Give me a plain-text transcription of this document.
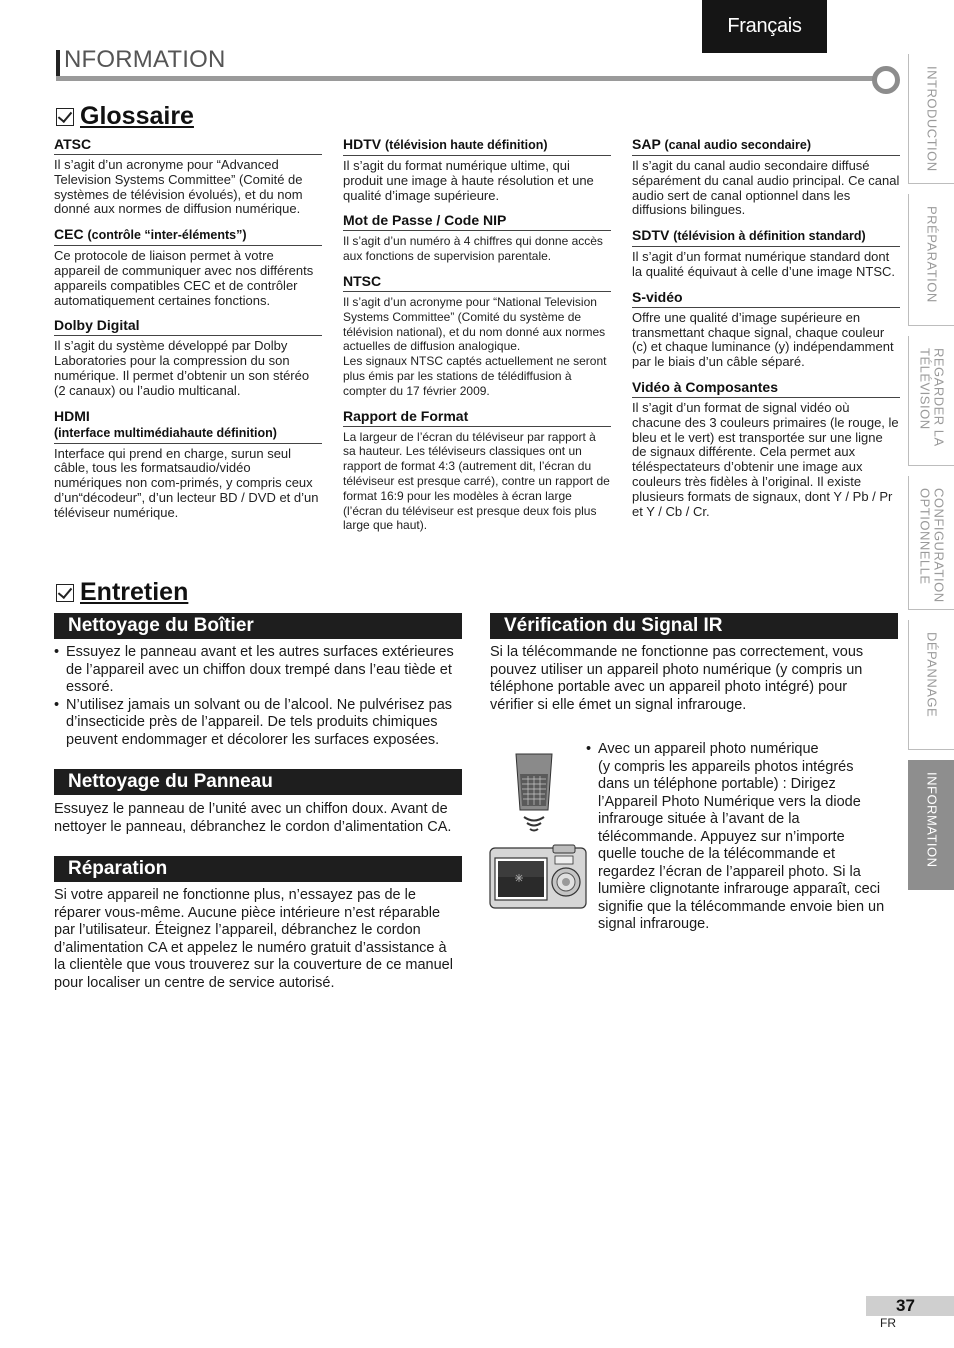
Français
NFORMATION
INTRODUCTION
PRÉPARATION
REGARDER LA TÉLÉVISION
CONFIGURATION OPTIONNELLE
DÉPANNAGE
INFORMATION
Glossaire
ATSC
Il s’agit d’un acronyme pour “Advanced Television Systems Committee” (Comité de systèmes de télévision évolués), et du nom donné aux normes de diffusion numérique.
CEC (contrôle “inter-éléments”)
Ce protocole de liaison permet à votre appareil de communiquer avec nos différents appareils compatibles CEC et de contrôler automatiquement certaines fonctions.
Dolby Digital
Il s’agit du système développé par Dolby Laboratories pour la compression du son numérique. Il permet d’obtenir un son stéréo (2 canaux) ou l’audio multicanal.
HDMI
(interface multimédiahaute définition)
Interface qui prend en charge, surun seul câble, tous les formatsaudio/vidéo numériques non com-primés, y compris ceux d’un“décodeur”, d’un lecteur BD / DVD et d’un téléviseur numérique.
HDTV (télévision haute définition)
Il s’agit du format numérique ultime, qui produit une image à haute résolution et une qualité d’image supérieure.
Mot de Passe / Code NIP
Il s’agit d’un numéro à 4 chiffres qui donne accès aux fonctions de supervision parentale.
NTSC
Il s’agit d’un acronyme pour “National Television Systems Committee” (Comité du système de télévision national), et du nom donné aux normes actuelles de diffusion analogique.
Les signaux NTSC captés actuellement ne seront plus émis par les stations de télédiffusion à compter du 17 février 2009.
Rapport de Format
La largeur de l’écran du téléviseur par rapport à sa hauteur. Les téléviseurs classiques ont un rapport de format 4:3 (autrement dit, l’écran du téléviseur est presque carré), contre un rapport de format 16:9 pour les modèles à écran large (l’écran du téléviseur est presque deux fois plus large que haut).
SAP (canal audio secondaire)
Il s’agit du canal audio secondaire diffusé séparément du canal audio principal. Ce canal audio sert de canal optionnel dans les diffusions bilingues.
SDTV (télévision à définition standard)
Il s’agit d’un format numérique standard dont la qualité équivaut à celle d’une image NTSC.
S-vidéo
Offre une qualité d’image supérieure en transmettant chaque signal, chaque couleur (c) et chaque luminance (y) indépendamment par le biais d’un câble séparé.
Vidéo à Composantes
Il s’agit d’un format de signal vidéo où chacune des 3 couleurs primaires (le rouge, le bleu et le vert) est transportée sur une ligne de signaux différente. Cela permet aux téléspectateurs d’obtenir une image aux couleurs très fidèles à l’original. Il existe plusieurs formats de signaux, dont Y / Pb / Pr et Y / Cb / Cr.
Entretien
Nettoyage du Boîtier
• Essuyez le panneau avant et les autres surfaces extérieures de l’appareil avec un chiffon doux trempé dans l’eau tiède et essoré.
• N’utilisez jamais un solvant ou de l’alcool. Ne pulvérisez pas d’insecticide près de l’appareil. De tels produits chimiques peuvent endommager et décolorer les surfaces exposées.
Nettoyage du Panneau
Essuyez le panneau de l’unité avec un chiffon doux. Avant de nettoyer le panneau, débranchez le cordon d’alimentation CA.
Réparation
Si votre appareil ne fonctionne plus, n’essayez pas de le réparer vous-même. Aucune pièce intérieure n’est réparable par l’utilisateur. Éteignez l’appareil, débranchez le cordon d’alimentation CA et appelez le numéro gratuit d’assistance à la clientèle que vous trouverez sur la couverture de ce manuel pour localiser un centre de service autorisé.
Vérification du Signal IR
Si la télécommande ne fonctionne pas correctement, vous pouvez utiliser un appareil photo numérique (y compris un téléphone portable avec un appareil photo intégré) pour vérifier si elle émet un signal infrarouge.
• Avec un appareil photo numérique
(y compris les appareils photos intégrés dans un téléphone portable) : Dirigez l’Appareil Photo Numérique vers la diode infrarouge située à l’avant de la télécommande. Appuyez sur n’importe quelle touche de la télécommande et regardez l’écran de l’appareil photo. Si la lumière clignotante infrarouge apparaît, ceci signifie que la télécommande envoie bien un signal infrarouge.
37
FR
